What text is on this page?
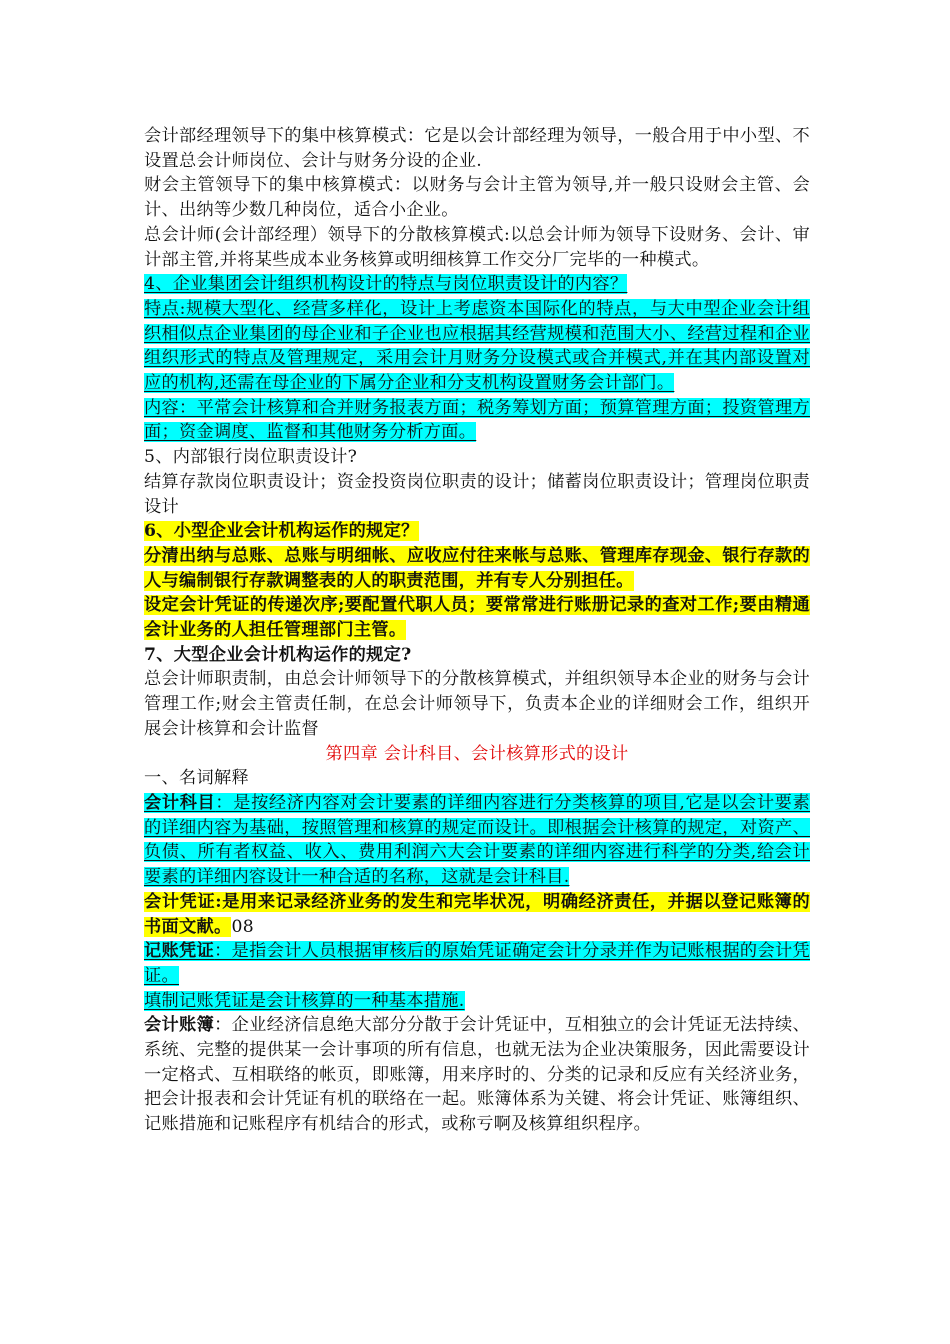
会计部经理领导下的集中核算模式：它是以会计部经理为领导，一般合用于中小型、不设置总会计师岗位、会计与财务分设的企业.

财会主管领导下的集中核算模式：以财务与会计主管为领导,并一般只设财会主管、会计、出纳等少数几种岗位，适合小企业。

总会计师(会计部经理）领导下的分散核算模式:以总会计师为领导下设财务、会计、审计部主管,并将某些成本业务核算或明细核算工作交分厂完毕的一种模式。

4、企业集团会计组织机构设计的特点与岗位职责设计的内容？

特点:规模大型化、经营多样化，设计上考虑资本国际化的特点，与大中型企业会计组织相似点企业集团的母企业和子企业也应根据其经营规模和范围大小、经营过程和企业组织形式的特点及管理规定，采用会计月财务分设模式或合并模式,并在其内部设置对应的机构,还需在母企业的下属分企业和分支机构设置财务会计部门。

内容：平常会计核算和合并财务报表方面；税务筹划方面；预算管理方面；投资管理方面；资金调度、监督和其他财务分析方面。

5、内部银行岗位职责设计?

结算存款岗位职责设计；资金投资岗位职责的设计；储蓄岗位职责设计；管理岗位职责设计

6、小型企业会计机构运作的规定？

分清出纳与总账、总账与明细帐、应收应付往来帐与总账、管理库存现金、银行存款的人与编制银行存款调整表的人的职责范围，并有专人分别担任。

设定会计凭证的传递次序;要配置代职人员；要常常进行账册记录的查对工作;要由精通会计业务的人担任管理部门主管。

7、大型企业会计机构运作的规定?

总会计师职责制，由总会计师领导下的分散核算模式，并组织领导本企业的财务与会计管理工作;财会主管责任制，在总会计师领导下，负责本企业的详细财会工作，组织开展会计核算和会计监督

第四章 会计科目、会计核算形式的设计

一、名词解释

会计科目：是按经济内容对会计要素的详细内容进行分类核算的项目,它是以会计要素的详细内容为基础，按照管理和核算的规定而设计。即根据会计核算的规定，对资产、负债、所有者权益、收入、费用利润六大会计要素的详细内容进行科学的分类,给会计要素的详细内容设计一种合适的名称，这就是会计科目.

会计凭证:是用来记录经济业务的发生和完毕状况，明确经济责任，并据以登记账簿的书面文献。08

记账凭证：是指会计人员根据审核后的原始凭证确定会计分录并作为记账根据的会计凭证。

填制记账凭证是会计核算的一种基本措施.

会计账簿：企业经济信息绝大部分分散于会计凭证中，互相独立的会计凭证无法持续、系统、完整的提供某一会计事项的所有信息，也就无法为企业决策服务，因此需要设计一定格式、互相联络的帐页，即账簿，用来序时的、分类的记录和反应有关经济业务，把会计报表和会计凭证有机的联络在一起。账簿体系为关键、将会计凭证、账簿组织、记账措施和记账程序有机结合的形式，或称亏啊及核算组织程序。
